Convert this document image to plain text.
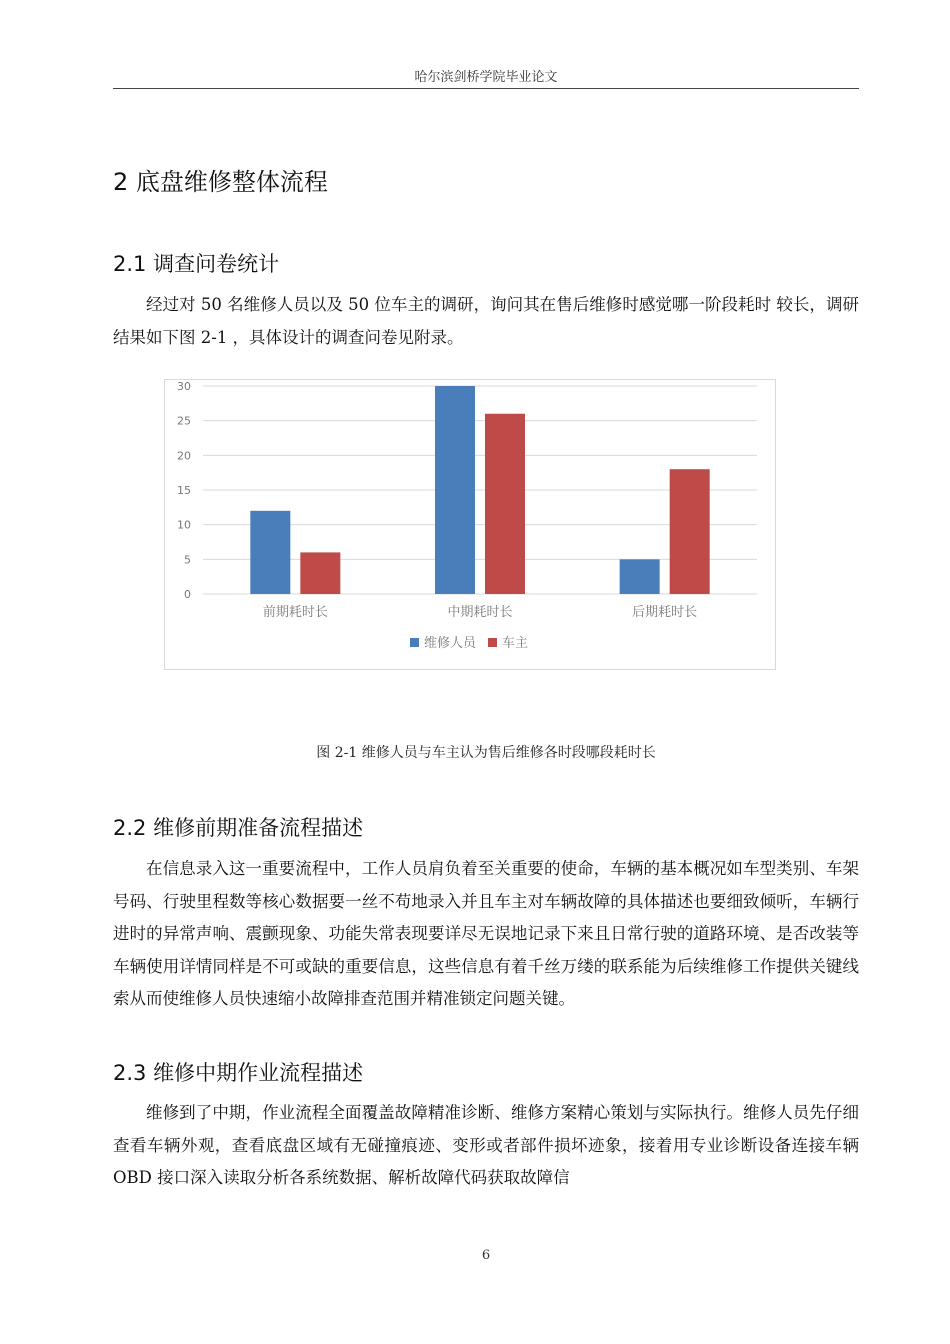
哈尔滨剑桥学院毕业论文
2 底盘维修整体流程
2.1 调查问卷统计

经过对 50 名维修人员以及 50 位车主的调研，询问其在售后维修时感觉哪一阶段耗时 较长，调研结果如下图 2-1 ，具体设计的调查问卷见附录。

0
5
10
15
20
25
30
前期耗时长	中期耗时长	后期耗时长
维修人员 车主
图 2-1 维修人员与车主认为售后维修各时段哪段耗时长
2.2 维修前期准备流程描述

在信息录入这一重要流程中，工作人员肩负着至关重要的使命，车辆的基本概况如车型类别、车架号码、行驶里程数等核心数据要一丝不苟地录入并且车主对车辆故障的具体描述也要细致倾听，车辆行进时的异常声响、震颤现象、功能失常表现要详尽无误地记录下来且日常行驶的道路环境、是否改装等车辆使用详情同样是不可或缺的重要信息，这些信息有着千丝万缕的联系能为后续维修工作提供关键线索从而使维修人员快速缩小故障排查范围并精准锁定问题关键。

2.3 维修中期作业流程描述

维修到了中期，作业流程全面覆盖故障精准诊断、维修方案精心策划与实际执行。维修人员先仔细查看车辆外观，查看底盘区域有无碰撞痕迹、变形或者部件损坏迹象，接着用专业诊断设备连接车辆 OBD 接口深入读取分析各系统数据、解析故障代码获取故障信

6
